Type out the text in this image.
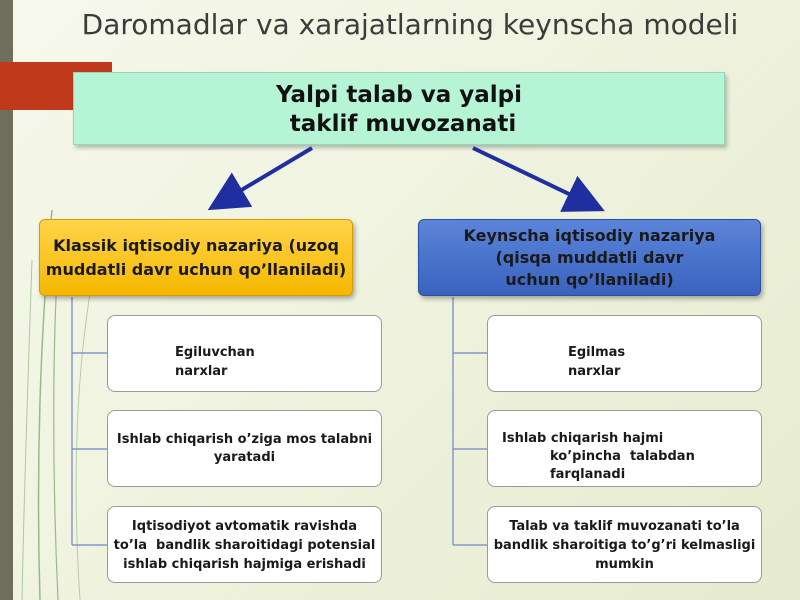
Daromadlar va xarajatlarning keynscha modeli
Yalpi talab va yalpi
taklif muvozanati
Klassik iqtisodiy nazariya (uzoq
muddatli davr uchun qo’llaniladi)
Keynscha iqtisodiy nazariya
(qisqa muddatli davr
uchun qo’llaniladi)
Egiluvchan
narxlar
Ishlab chiqarish o’ziga mos talabni
yaratadi
Iqtisodiyot avtomatik ravishda
to’la  bandlik sharoitidagi potensial
ishlab chiqarish hajmiga erishadi
Egilmas
narxlar
Ishlab chiqarish hajmi
ko’pincha  talabdan
farqlanadi
Talab va taklif muvozanati to’la
bandlik sharoitiga to’g’ri kelmasligi
mumkin
